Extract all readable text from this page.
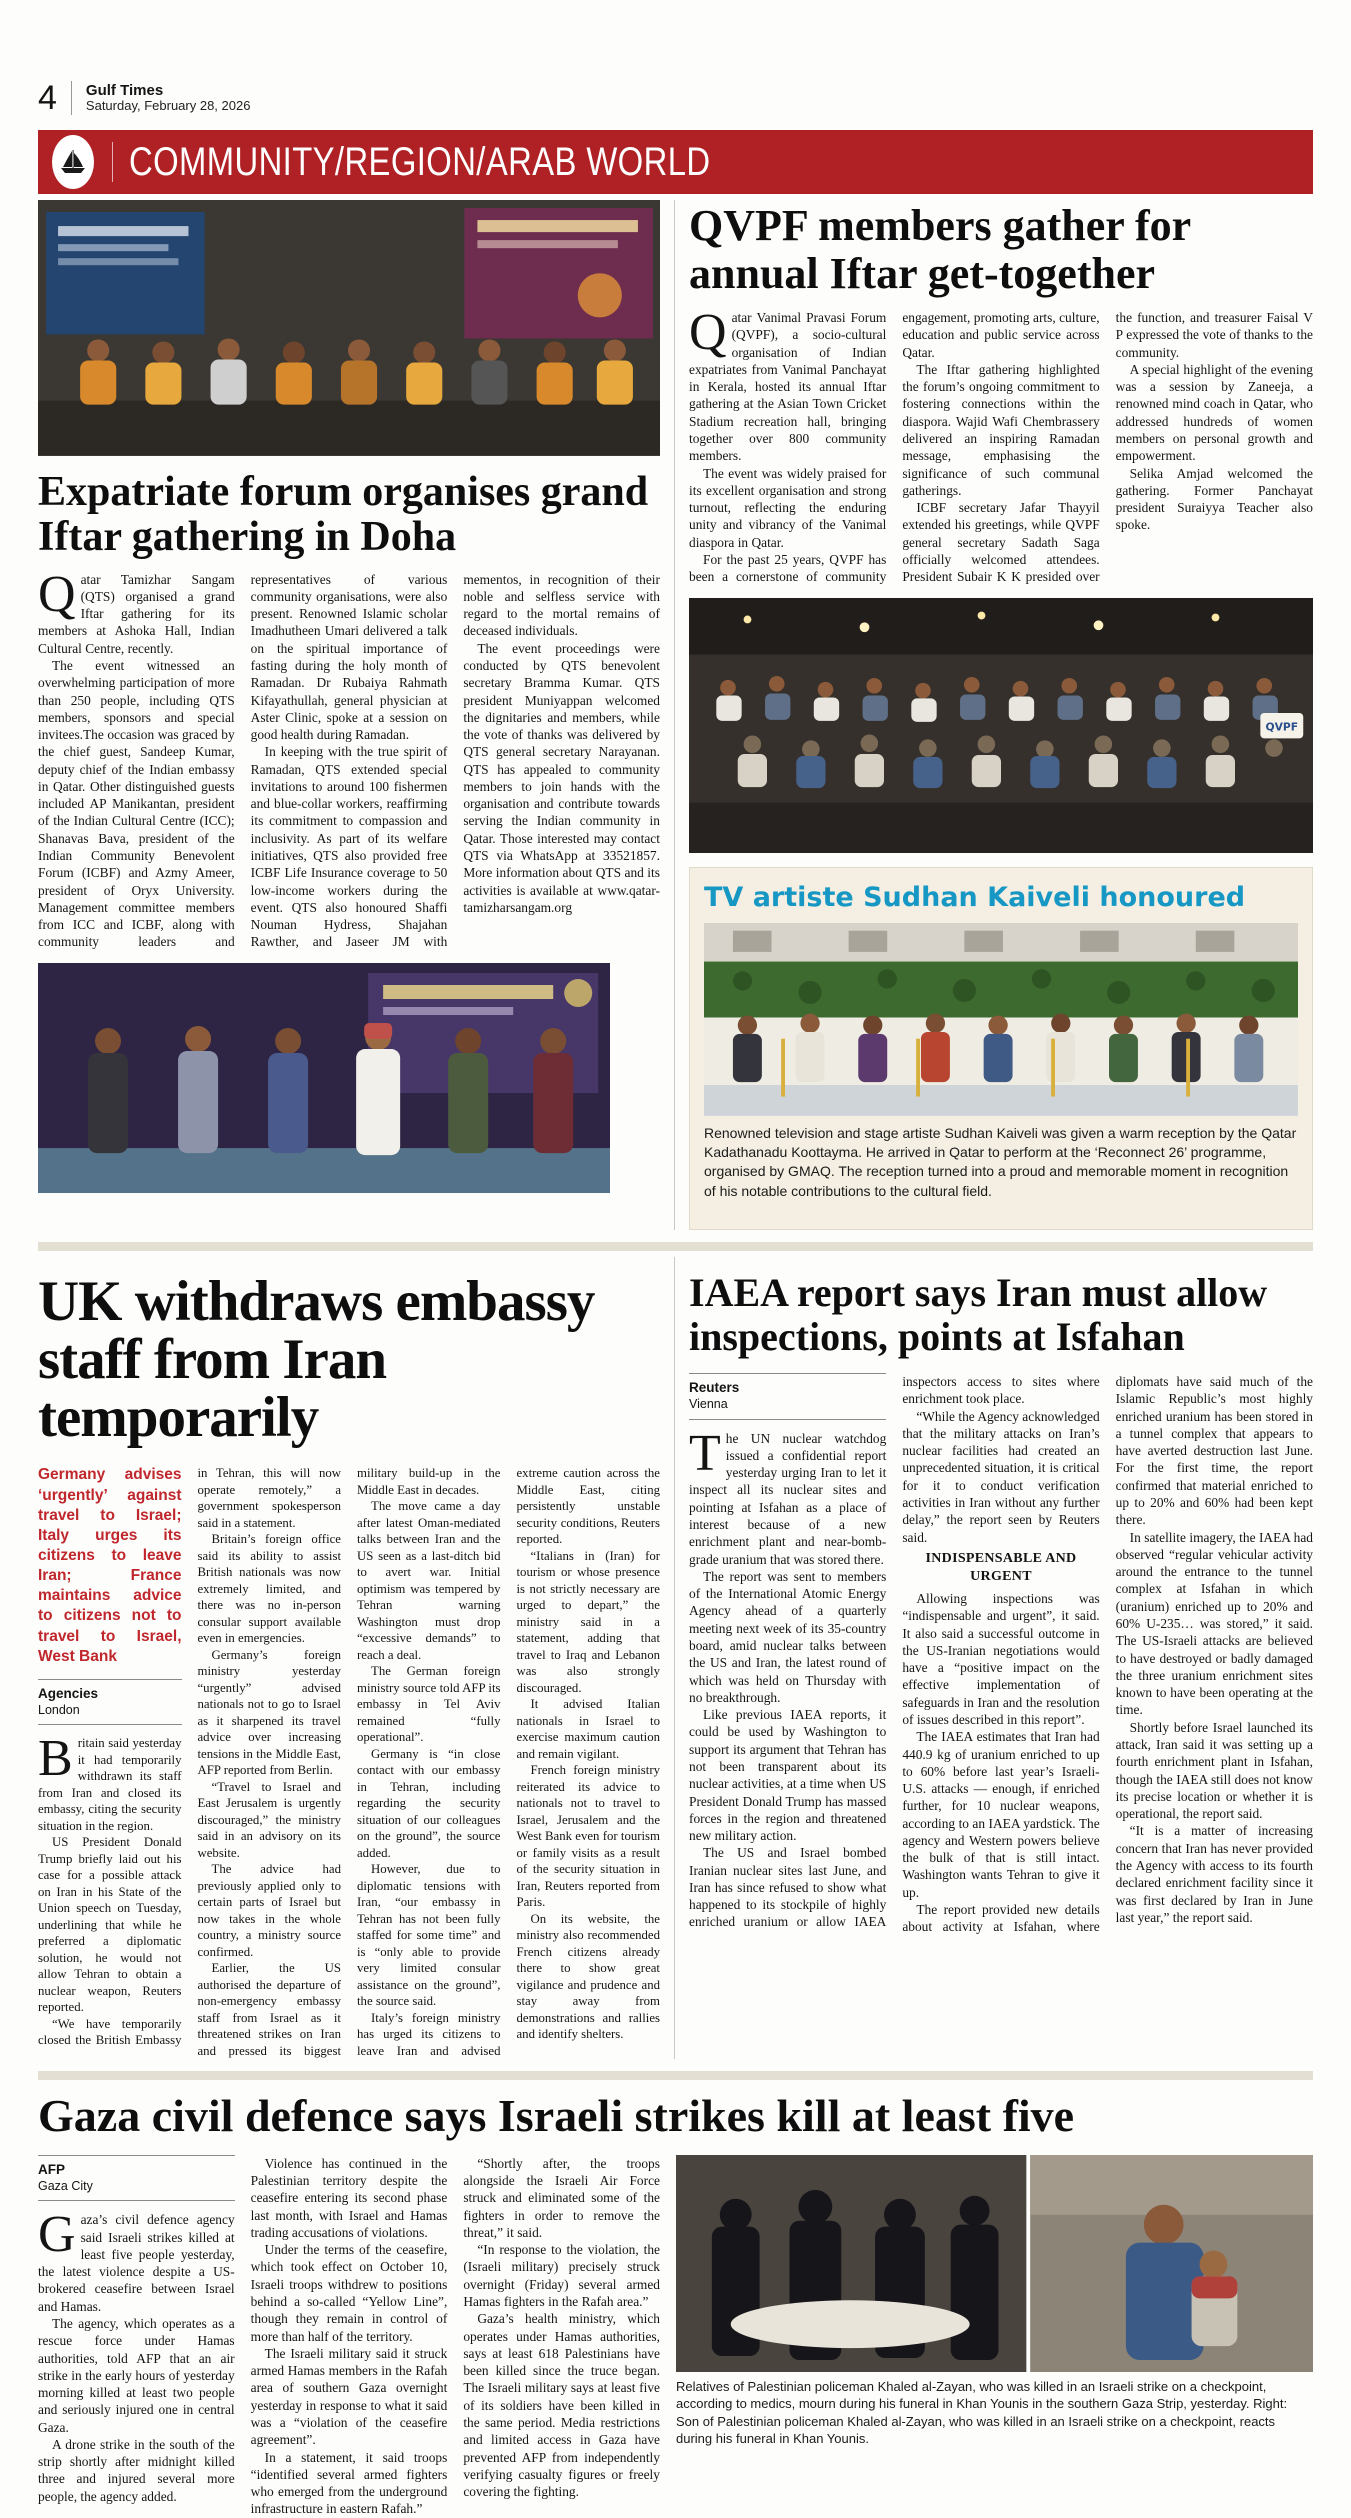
4 Gulf Times
Saturday, February 28, 2026
COMMUNITY/REGION/ARAB WORLD
Expatriate forum organises grand Iftar gathering in Doha

Qatar Tamizhar Sangam (QTS) organised a grand Iftar gathering for its members at Ashoka Hall, Indian Cultural Centre, recently.

The event witnessed an overwhelming participation of more than 250 people, including QTS members, sponsors and special invitees.The occasion was graced by the chief guest, Sandeep Kumar, deputy chief of the Indian embassy in Qatar. Other distinguished guests included AP Manikantan, president of the Indian Cultural Centre (ICC); Shanavas Bava, president of the Indian Community Benevolent Forum (ICBF) and Azmy Ameer, president of Oryx University. Management committee members from ICC and ICBF, along with community leaders and representatives of various community organisations, were also present. Renowned Islamic scholar Imadhutheen Umari delivered a talk on the spiritual importance of fasting during the holy month of Ramadan. Dr Rubaiya Rahmath Kifayathullah, general physician at Aster Clinic, spoke at a session on good health during Ramadan.

In keeping with the true spirit of Ramadan, QTS extended special invitations to around 100 fishermen and blue-collar workers, reaffirming its commitment to compassion and inclusivity. As part of its welfare initiatives, QTS also provided free ICBF Life Insurance coverage to 50 low-income workers during the event. QTS also honoured Shaffi Nouman Hydress, Shajahan Rawther, and Jaseer JM with mementos, in recognition of their noble and selfless service with regard to the mortal remains of deceased individuals.

The event proceedings were conducted by QTS benevolent secretary Bramma Kumar. QTS president Muniyappan welcomed the dignitaries and members, while the vote of thanks was delivered by QTS general secretary Narayanan. QTS has appealed to community members to join hands with the organisation and contribute towards serving the Indian community in Qatar. Those interested may contact QTS via WhatsApp at 33521857. More information about QTS and its activities is available at www.qatar-tamizharsangam.org

QVPF members gather for annual Iftar get-together

Qatar Vanimal Pravasi Forum (QVPF), a socio-cultural organisation of Indian expatriates from Vanimal Panchayat in Kerala, hosted its annual Iftar gathering at the Asian Town Cricket Stadium recreation hall, bringing together over 800 community members.

The event was widely praised for its excellent organisation and strong turnout, reflecting the enduring unity and vibrancy of the Vanimal diaspora in Qatar.

For the past 25 years, QVPF has been a cornerstone of community engagement, promoting arts, culture, education and public service across Qatar.

The Iftar gathering highlighted the forum’s ongoing commitment to fostering connections within the diaspora. Wajid Wafi Chembrassery delivered an inspiring Ramadan message, emphasising the significance of such communal gatherings.

ICBF secretary Jafar Thayyil extended his greetings, while QVPF general secretary Sadath Saga officially welcomed attendees. President Subair K K presided over the function, and treasurer Faisal V P expressed the vote of thanks to the community.

A special highlight of the evening was a session by Zaneeja, a renowned mind coach in Qatar, who addressed hundreds of women members on personal growth and empowerment.

Selika Amjad welcomed the gathering. Former Panchayat president Suraiyya Teacher also spoke.

QVPF
TV artiste Sudhan Kaiveli honoured

Renowned television and stage artiste Sudhan Kaiveli was given a warm reception by the Qatar Kadathanadu Koottayma. He arrived in Qatar to perform at the ‘Reconnect 26’ programme, organised by GMAQ. The reception turned into a proud and memorable moment in recognition of his notable contributions to the cultural field.

UK withdraws embassy staff from Iran temporarily
Germany advises ‘urgently’ against travel to Israel; Italy urges its citizens to leave Iran; France maintains advice to citizens not to travel to Israel, West Bank
Agencies
London

Britain said yesterday it had temporarily withdrawn its staff from Iran and closed its embassy, citing the security situation in the region.

US President Donald Trump briefly laid out his case for a possible attack on Iran in his State of the Union speech on Tuesday, underlining that while he preferred a diplomatic solution, he would not allow Tehran to obtain a nuclear weapon, Reuters reported.

“We have temporarily closed the British Embassy in Tehran, this will now operate remotely,” a government spokesperson said in a statement.

Britain’s foreign office said its ability to assist British nationals was now extremely limited, and there was no in-person consular support available even in emergencies.

Germany’s foreign ministry yesterday “urgently” advised nationals not to go to Israel as it sharpened its travel advice over increasing tensions in the Middle East, AFP reported from Berlin.

“Travel to Israel and East Jerusalem is urgently discouraged,” the ministry said in an advisory on its website.

The advice had previously applied only to certain parts of Israel but now takes in the whole country, a ministry source confirmed.

Earlier, the US authorised the departure of non-emergency embassy staff from Israel as it threatened strikes on Iran and pressed its biggest military build-up in the Middle East in decades.

The move came a day after latest Oman-mediated talks between Iran and the US seen as a last-ditch bid to avert war. Initial optimism was tempered by Tehran warning Washington must drop “excessive demands” to reach a deal.

The German foreign ministry source told AFP its embassy in Tel Aviv remained “fully operational”.

Germany is “in close contact with our embassy in Tehran, including regarding the security situation of our colleagues on the ground”, the source added.

However, due to diplomatic tensions with Iran, “our embassy in Tehran has not been fully staffed for some time” and is “only able to provide very limited consular assistance on the ground”, the source said.

Italy’s foreign ministry has urged its citizens to leave Iran and advised extreme caution across the Middle East, citing persistently unstable security conditions, Reuters reported.

“Italians in (Iran) for tourism or whose presence is not strictly necessary are urged to depart,” the ministry said in a statement, adding that travel to Iraq and Lebanon was also strongly discouraged.

It advised Italian nationals in Israel to exercise maximum caution and remain vigilant.

French foreign ministry reiterated its advice to nationals not to travel to Israel, Jerusalem and the West Bank even for tourism or family visits as a result of the security situation in Iran, Reuters reported from Paris.

On its website, the ministry also recommended French citizens already there to show great vigilance and prudence and stay away from demonstrations and rallies and identify shelters.

IAEA report says Iran must allow inspections, points at Isfahan
Reuters
Vienna

The UN nuclear watchdog issued a confidential report yesterday urging Iran to let it inspect all its nuclear sites and pointing at Isfahan as a place of interest because of a new enrichment plant and near-bomb-grade uranium that was stored there.

The report was sent to members of the International Atomic Energy Agency ahead of a quarterly meeting next week of its 35-country board, amid nuclear talks between the US and Iran, the latest round of which was held on Thursday with no breakthrough.

Like previous IAEA reports, it could be used by Washington to support its argument that Tehran has not been transparent about its nuclear activities, at a time when US President Donald Trump has massed forces in the region and threatened new military action.

The US and Israel bombed Iranian nuclear sites last June, and Iran has since refused to show what happened to its stockpile of highly enriched uranium or allow IAEA inspectors access to sites where enrichment took place.

“While the Agency acknowledged that the military attacks on Iran’s nuclear facilities had created an unprecedented situation, it is critical for it to conduct verification activities in Iran without any further delay,” the report seen by Reuters said.

INDISPENSABLE AND URGENT

Allowing inspections was “indispensable and urgent”, it said. It also said a successful outcome in the US-Iranian negotiations would have a “positive impact on the effective implementation of safeguards in Iran and the resolution of issues described in this report”.

The IAEA estimates that Iran had 440.9 kg of uranium enriched to up to 60% before last year’s Israeli-U.S. attacks — enough, if enriched further, for 10 nuclear weapons, according to an IAEA yardstick. The agency and Western powers believe the bulk of that is still intact. Washington wants Tehran to give it up.

The report provided new details about activity at Isfahan, where diplomats have said much of the Islamic Republic’s most highly enriched uranium has been stored in a tunnel complex that appears to have averted destruction last June. For the first time, the report confirmed that material enriched to up to 20% and 60% had been kept there.

In satellite imagery, the IAEA had observed “regular vehicular activity around the entrance to the tunnel complex at Isfahan in which (uranium) enriched up to 20% and 60% U-235… was stored,” it said. The US-Israeli attacks are believed to have destroyed or badly damaged the three uranium enrichment sites known to have been operating at the time.

Shortly before Israel launched its attack, Iran said it was setting up a fourth enrichment plant in Isfahan, though the IAEA still does not know its precise location or whether it is operational, the report said.

“It is a matter of increasing concern that Iran has never provided the Agency with access to its fourth declared enrichment facility since it was first declared by Iran in June last year,” the report said.

Gaza civil defence says Israeli strikes kill at least five
AFP
Gaza City

Gaza’s civil defence agency said Israeli strikes killed at least five people yesterday, the latest violence despite a US-brokered ceasefire between Israel and Hamas.

The agency, which operates as a rescue force under Hamas authorities, told AFP that an air strike in the early hours of yesterday morning killed at least two people and seriously injured one in central Gaza.

A drone strike in the south of the strip shortly after midnight killed three and injured several more people, the agency added.

Violence has continued in the Palestinian territory despite the ceasefire entering its second phase last month, with Israel and Hamas trading accusations of violations.

Under the terms of the ceasefire, which took effect on October 10, Israeli troops withdrew to positions behind a so-called “Yellow Line”, though they remain in control of more than half of the territory.

The Israeli military said it struck armed Hamas members in the Rafah area of southern Gaza overnight yesterday in response to what it said was a “violation of the ceasefire agreement”.

In a statement, it said troops “identified several armed fighters who emerged from the underground infrastructure in eastern Rafah.”

“Shortly after, the troops alongside the Israeli Air Force struck and eliminated some of the fighters in order to remove the threat,” it said.

“In response to the violation, the (Israeli military) precisely struck overnight (Friday) several armed Hamas fighters in the Rafah area.”

Gaza’s health ministry, which operates under Hamas authorities, says at least 618 Palestinians have been killed since the truce began. The Israeli military says at least five of its soldiers have been killed in the same period. Media restrictions and limited access in Gaza have prevented AFP from independently verifying casualty figures or freely covering the fighting.

Relatives of Palestinian policeman Khaled al-Zayan, who was killed in an Israeli strike on a checkpoint, according to medics, mourn during his funeral in Khan Younis in the southern Gaza Strip, yesterday. Right: Son of Palestinian policeman Khaled al-Zayan, who was killed in an Israeli strike on a checkpoint, reacts during his funeral in Khan Younis.
